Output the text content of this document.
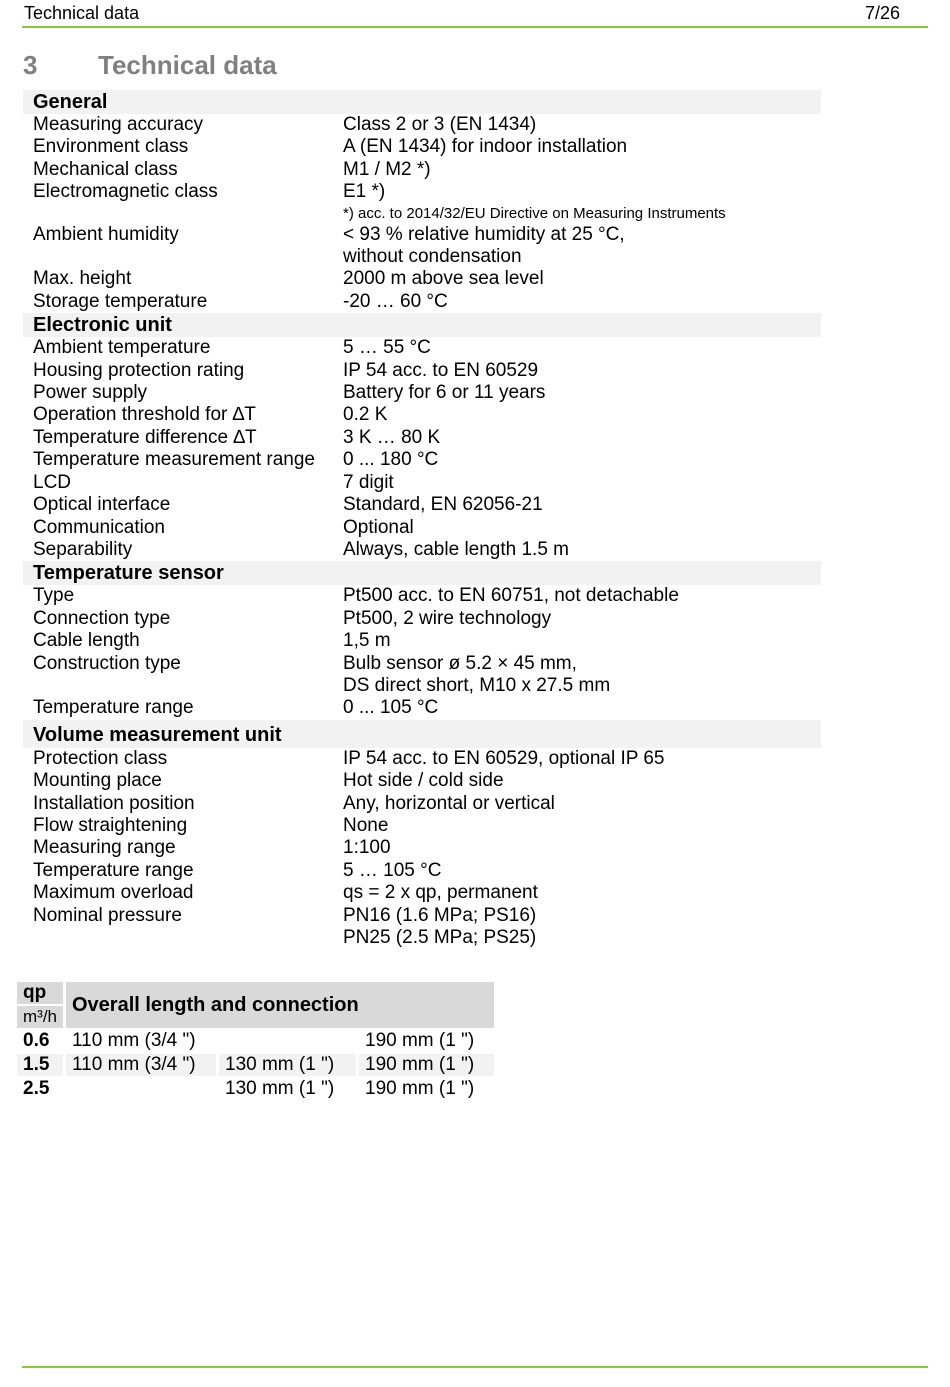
Technical data	7/26
3 Technical data
General
Measuring accuracy	Class 2 or 3 (EN 1434)
Environment class	A (EN 1434) for indoor installation
Mechanical class	M1 / M2 *)
Electromagnetic class	E1 *)
*) acc. to 2014/32/EU Directive on Measuring Instruments
Ambient humidity	< 93 % relative humidity at 25 °C,
without condensation
Max. height	2000 m above sea level
Storage temperature	-20 … 60 °C
Electronic unit
Ambient temperature	5 … 55 °C
Housing protection rating	IP 54 acc. to EN 60529
Power supply	Battery for 6 or 11 years
Operation threshold for ∆T	0.2 K
Temperature difference ∆T	3 K … 80 K
Temperature measurement range	0 ... 180 °C
LCD	7 digit
Optical interface	Standard, EN 62056-21
Communication	Optional
Separability	Always, cable length 1.5 m
Temperature sensor
Type	Pt500 acc. to EN 60751, not detachable
Connection type	Pt500, 2 wire technology
Cable length	1,5 m
Construction type	Bulb sensor ø 5.2 × 45 mm,
DS direct short, M10 x 27.5 mm
Temperature range	0 ... 105 °C
Volume measurement unit
Protection class	IP 54 acc. to EN 60529, optional IP 65
Mounting place	Hot side / cold side
Installation position	Any, horizontal or vertical
Flow straightening	None
Measuring range	1:100
Temperature range	5 … 105 °C
Maximum overload	qs = 2 x qp, permanent
Nominal pressure	PN16 (1.6 MPa; PS16)
PN25 (2.5 MPa; PS25)
qp	Overall length and connection		
m³/h			
0.6	110 mm (3/4 ")		190 mm (1 ")
1.5	110 mm (3/4 ")	130 mm (1 ")	190 mm (1 ")
2.5		130 mm (1 ")	190 mm (1 ")
